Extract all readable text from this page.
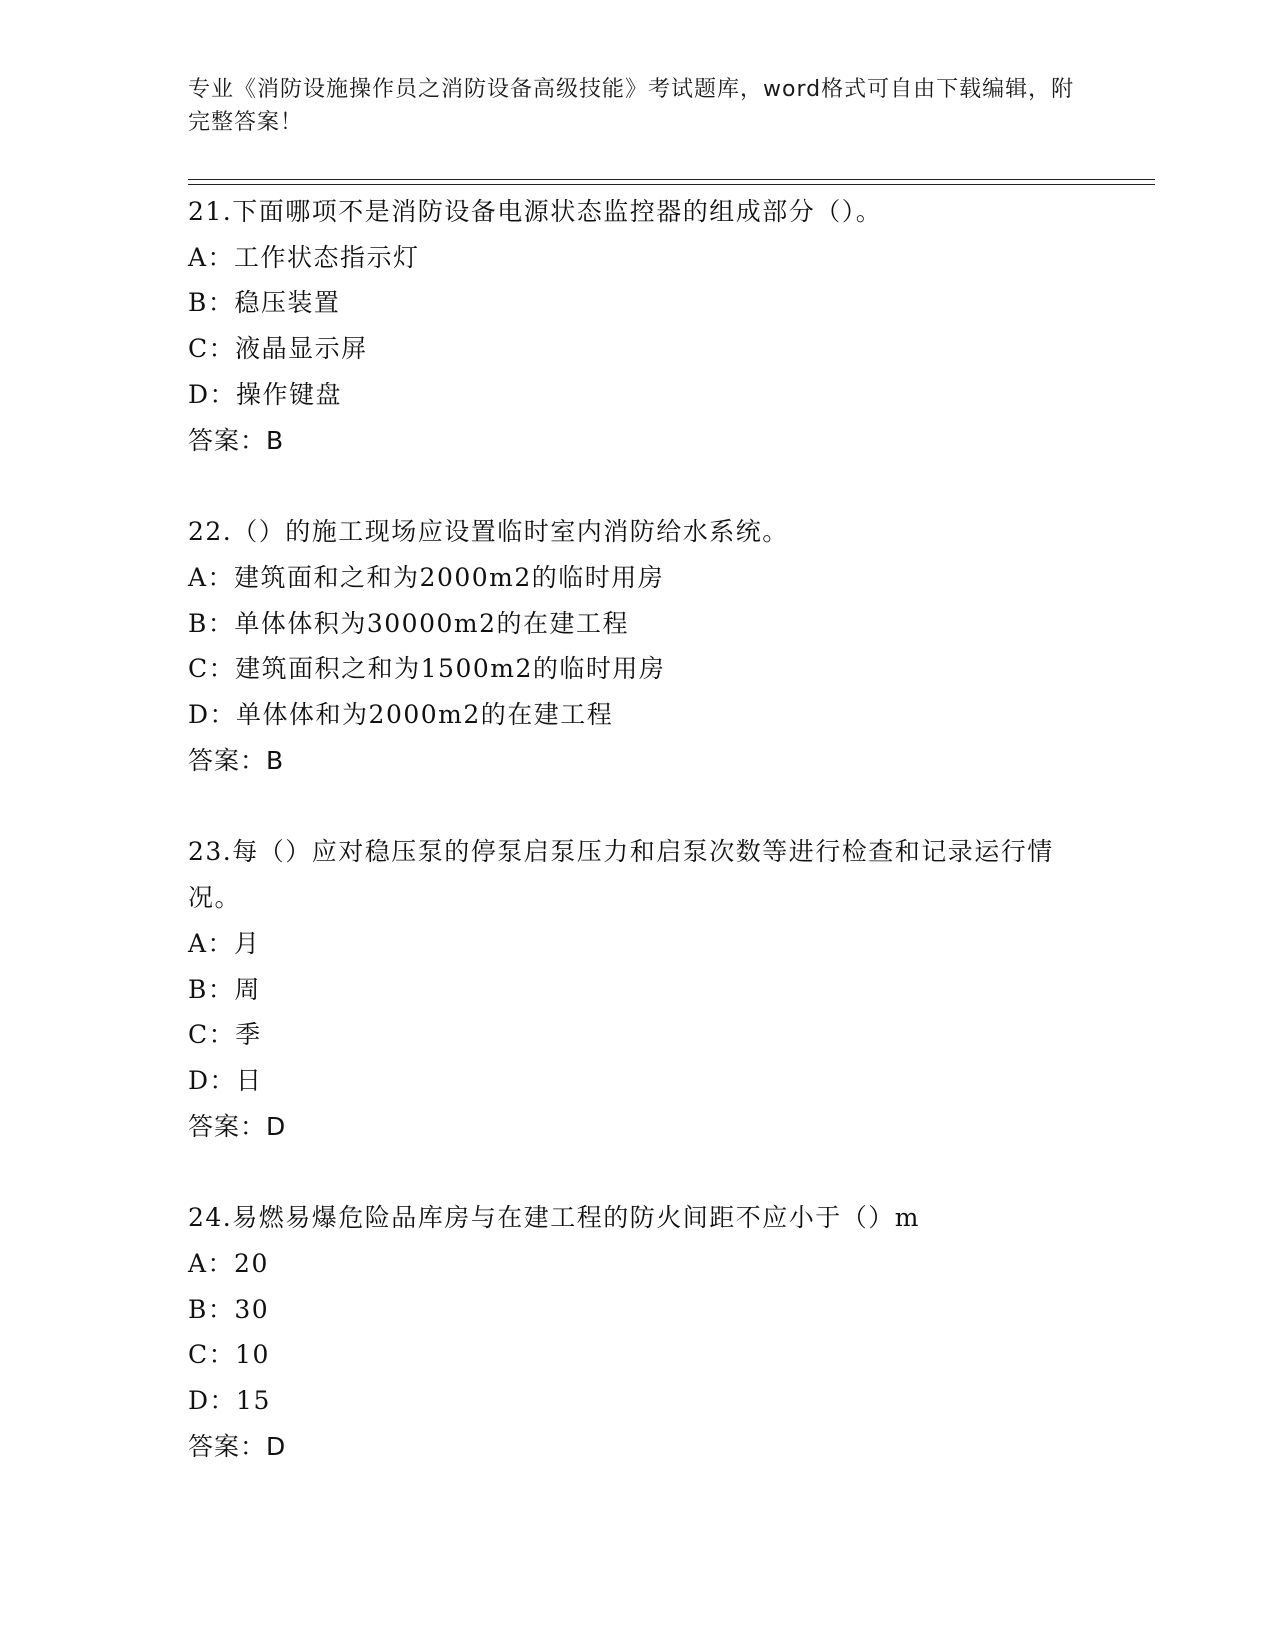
专业《消防设施操作员之消防设备高级技能》考试题库，word格式可自由下载编辑，附完整答案！
21.下面哪项不是消防设备电源状态监控器的组成部分（）。
A：工作状态指示灯
B：稳压装置
C：液晶显示屏
D：操作键盘
答案：B
22.（）的施工现场应设置临时室内消防给水系统。
A：建筑面和之和为2000m2的临时用房
B：单体体积为30000m2的在建工程
C：建筑面积之和为1500m2的临时用房
D：单体体和为2000m2的在建工程
答案：B
23.每（）应对稳压泵的停泵启泵压力和启泵次数等进行检查和记录运行情况。
A：月
B：周
C：季
D：日
答案：D
24.易燃易爆危险品库房与在建工程的防火间距不应小于（）m
A：20
B：30
C：10
D：15
答案：D
